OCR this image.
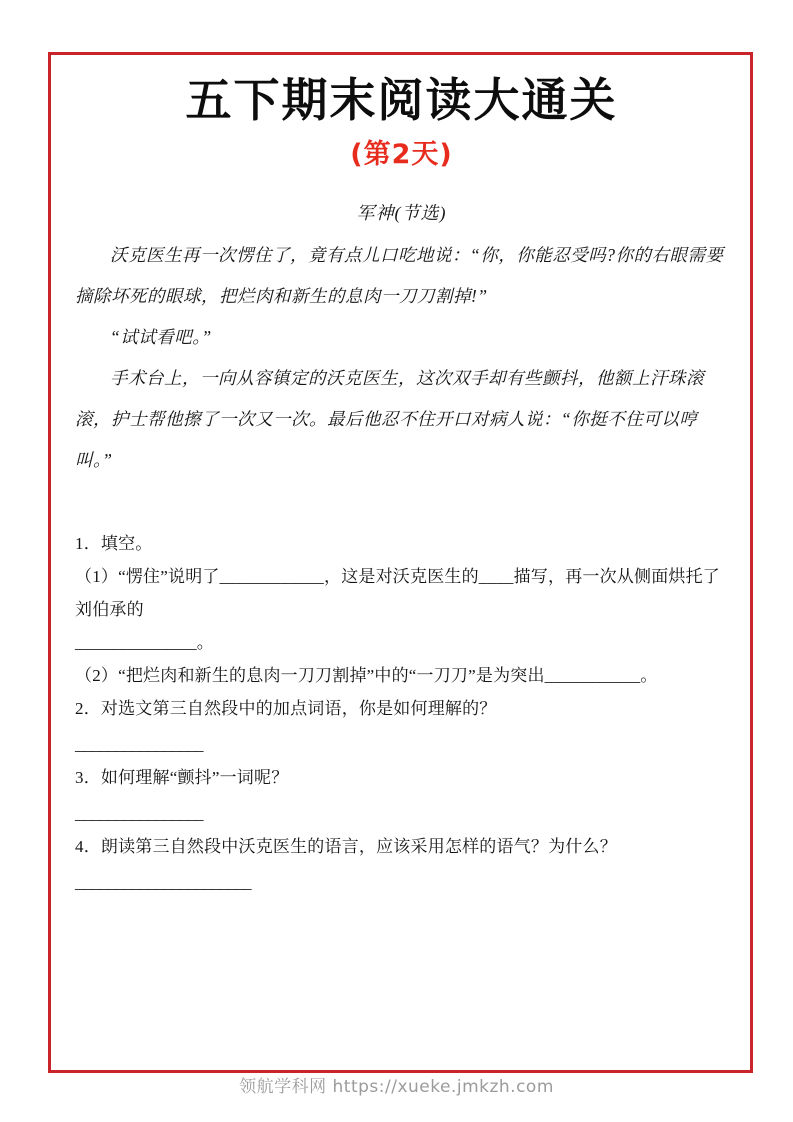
五下期末阅读大通关
(第2天)
军神(节选)

沃克医生再一次愣住了，竟有点儿口吃地说：“你，你能忍受吗?你的右眼需要摘除坏死的眼球，把烂肉和新生的息肉一刀刀割掉!”

“试试看吧。”

手术台上，一向从容镇定的沃克医生，这次双手却有些颤抖，他额上汗珠滚滚，护士帮他擦了一次又一次。最后他忍不住开口对病人说：“你挺不住可以哼叫。”

1．填空。

（1）“愣住”说明了____________，这是对沃克医生的____描写，再一次从侧面烘托了刘伯承的

______________。

（2）“把烂肉和新生的息肉一刀刀割掉”中的“一刀刀”是为突出___________。

2．对选文第三自然段中的加点词语，你是如何理解的？

________________

3．如何理解“颤抖”一词呢？

________________

4．朗读第三自然段中沃克医生的语言，应该采用怎样的语气？为什么？

______________________

领航学科网 https://xueke.jmkzh.com
